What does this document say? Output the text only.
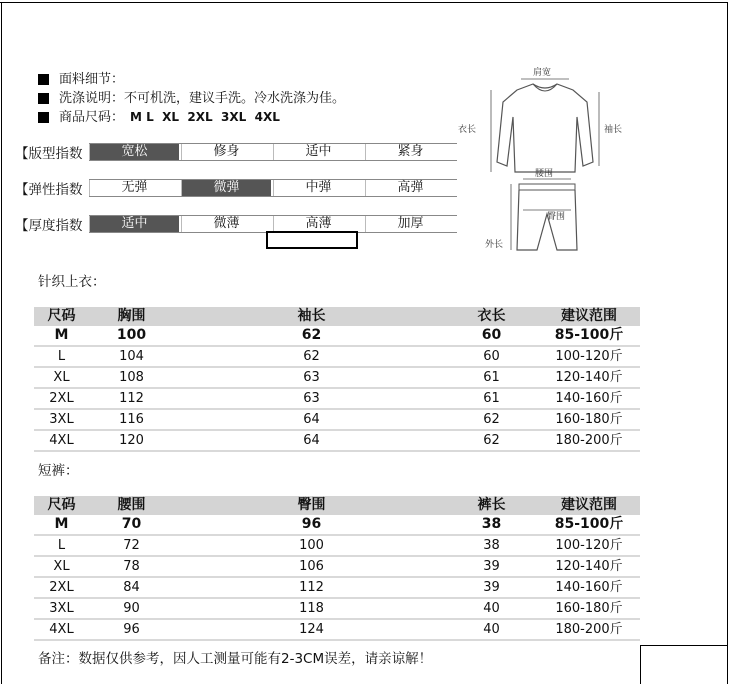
面料细节：
洗涤说明：不可机洗，建议手洗。冷水洗涤为佳。
商品尺码： M L  XL  2XL  3XL  4XL
【版型指数	宽松	修身	适中	紧身
【弹性指数	无弹	微弹	中弹	高弹
【厚度指数	适中	微薄	高薄	加厚
肩宽
衣长	袖长
腰围
臀围
外长
针织上衣：
尺码	胸围	袖长	衣长	建议范围
M	100	62	60	85-100斤
L	104	62	60	100-120斤
XL	108	63	61	120-140斤
2XL	112	63	61	140-160斤
3XL	116	64	62	160-180斤
4XL	120	64	62	180-200斤
短裤：
尺码	腰围	臀围	裤长	建议范围
M	70	96	38	85-100斤
L	72	100	38	100-120斤
XL	78	106	39	120-140斤
2XL	84	112	39	140-160斤
3XL	90	118	40	160-180斤
4XL	96	124	40	180-200斤
备注：数据仅供参考，因人工测量可能有2-3CM误差，请亲谅解！
